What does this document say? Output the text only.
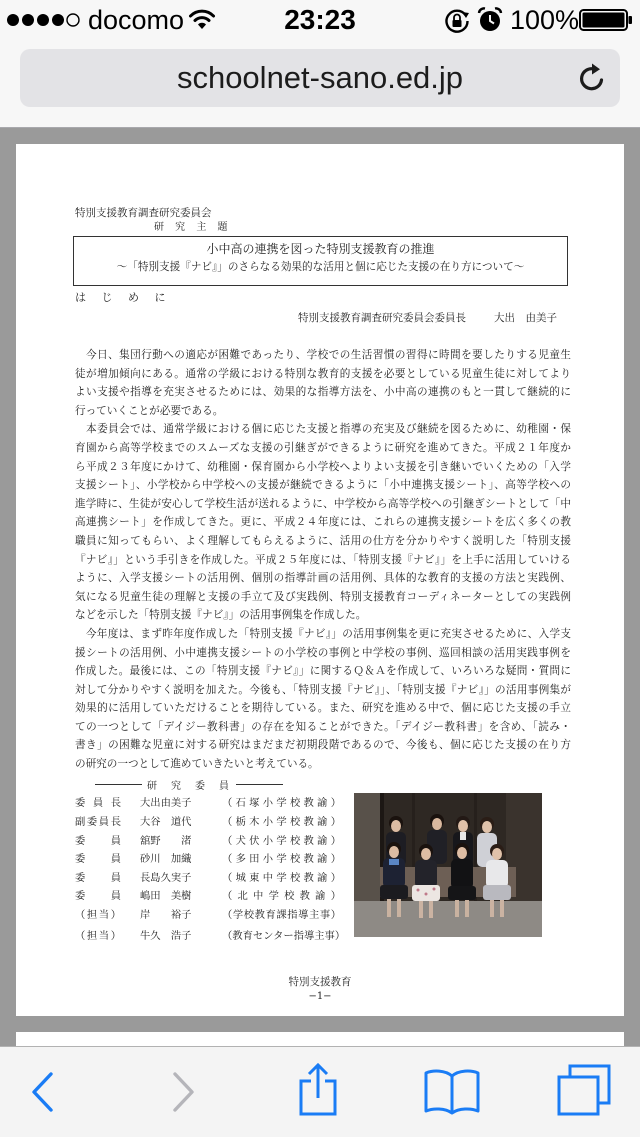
docomo	23:23	100%
schoolnet-sano.ed.jp
特別支援教育調査研究委員会
小中高の連携を図った特別支援教育の推進
〜「特別支援『ナビ』」のさらなる効果的な活用と個に応じた支援の在り方について〜
研 究 主 題
は じ め に
特別支援教育調査研究委員会委員長	大出　由美子
　今日、集団行動への適応が困難であったり、学校での生活習慣の習得に時間を要したりする児童生
徒が増加傾向にある。通常の学級における特別な教育的支援を必要としている児童生徒に対してより
よい支援や指導を充実させるためには、効果的な指導方法を、小中高の連携のもと一貫して継続的に
行っていくことが必要である。
　本委員会では、通常学級における個に応じた支援と指導の充実及び継続を図るために、幼稚園・保
育園から高等学校までのスムーズな支援の引継ぎができるように研究を進めてきた。平成２１年度か
ら平成２３年度にかけて、幼稚園・保育園から小学校へよりよい支援を引き継いでいくための「入学
支援シート」、小学校から中学校への支援が継続できるように「小中連携支援シート」、高等学校への
進学時に、生徒が安心して学校生活が送れるように、中学校から高等学校への引継ぎシートとして「中
高連携シート」を作成してきた。更に、平成２４年度には、これらの連携支援シートを広く多くの教
職員に知ってもらい、よく理解してもらえるように、活用の仕方を分かりやすく説明した「特別支援
『ナビ』」という手引きを作成した。平成２５年度には、「特別支援『ナビ』」を上手に活用していける
ように、入学支援シートの活用例、個別の指導計画の活用例、具体的な教育的支援の方法と実践例、
気になる児童生徒の理解と支援の手立て及び実践例、特別支援教育コーディネーターとしての実践例
などを示した「特別支援『ナビ』」の活用事例集を作成した。
　今年度は、まず昨年度作成した「特別支援『ナビ』」の活用事例集を更に充実させるために、入学支
援シートの活用例、小中連携支援シートの小学校の事例と中学校の事例、巡回相談の活用実践事例を
作成した。最後には、この「特別支援『ナビ』」に関するＱ＆Ａを作成して、いろいろな疑問・質問に
対して分かりやすく説明を加えた。今後も、「特別支援『ナビ』」、「特別支援『ナビ』」の活用事例集が
効果的に活用していただけることを期待している。また、研究を進める中で、個に応じた支援の手立
ての一つとして「デイジー教科書」の存在を知ることができた。「デイジー教科書」を含め、「読み・
書き」の困難な児童に対する研究はまだまだ初期段階であるので、今後も、個に応じた支援の在り方
の研究の一つとして進めていきたいと考えている。
研　究　委　員
委員長 大出由美子	（石塚小学校教諭）
副委員長 大谷　道代	（栃木小学校教諭）
委員 舘野　　渚	（犬伏小学校教諭）
委員 砂川　加織	（多田小学校教諭）
委員 長島久実子	（城東中学校教諭）
委員 嶋田　美樹	（北中学校教諭）
（担当） 岸　　裕子	（学校教育課指導主事）
（担当） 牛久　浩子	（教育センター指導主事）
特別支援教育
−1−
